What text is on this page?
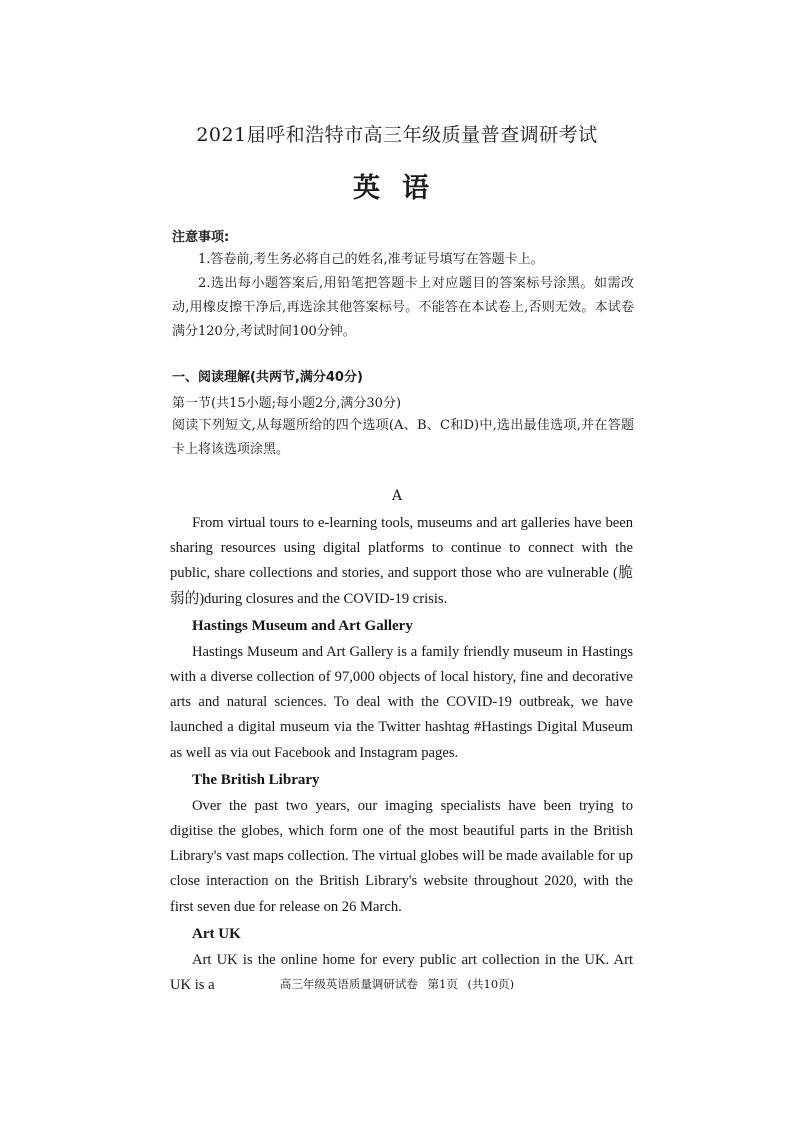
2021届呼和浩特市高三年级质量普查调研考试
英语
注意事项:

1.答卷前,考生务必将自己的姓名,准考证号填写在答题卡上。

2.选出每小题答案后,用铅笔把答题卡上对应题目的答案标号涂黑。如需改动,用橡皮擦干净后,再选涂其他答案标号。不能答在本试卷上,否则无效。本试卷满分120分,考试时间100分钟。

一、阅读理解(共两节,满分40分)
第一节(共15小题;每小题2分,满分30分)
阅读下列短文,从每题所给的四个选项(A、B、C和D)中,选出最佳选项,并在答题卡上将该选项涂黑。
A

From virtual tours to e-learning tools, museums and art galleries have been sharing resources using digital platforms to continue to connect with the public, share collections and stories, and support those who are vulnerable (脆弱的)during closures and the COVID-19 crisis.

Hastings Museum and Art Gallery

Hastings Museum and Art Gallery is a family friendly museum in Hastings with a diverse collection of 97,000 objects of local history, fine and decorative arts and natural sciences. To deal with the COVID-19 outbreak, we have launched a digital museum via the Twitter hashtag #Hastings Digital Museum as well as via out Facebook and Instagram pages.

The British Library

Over the past two years, our imaging specialists have been trying to digitise the globes, which form one of the most beautiful parts in the British Library's vast maps collection. The virtual globes will be made available for up close interaction on the British Library's website throughout 2020, with the first seven due for release on 26 March.

Art UK

Art UK is the online home for every public art collection in the UK. Art UK is a	高三年级英语质量调研试卷 第1页 (共10页)
